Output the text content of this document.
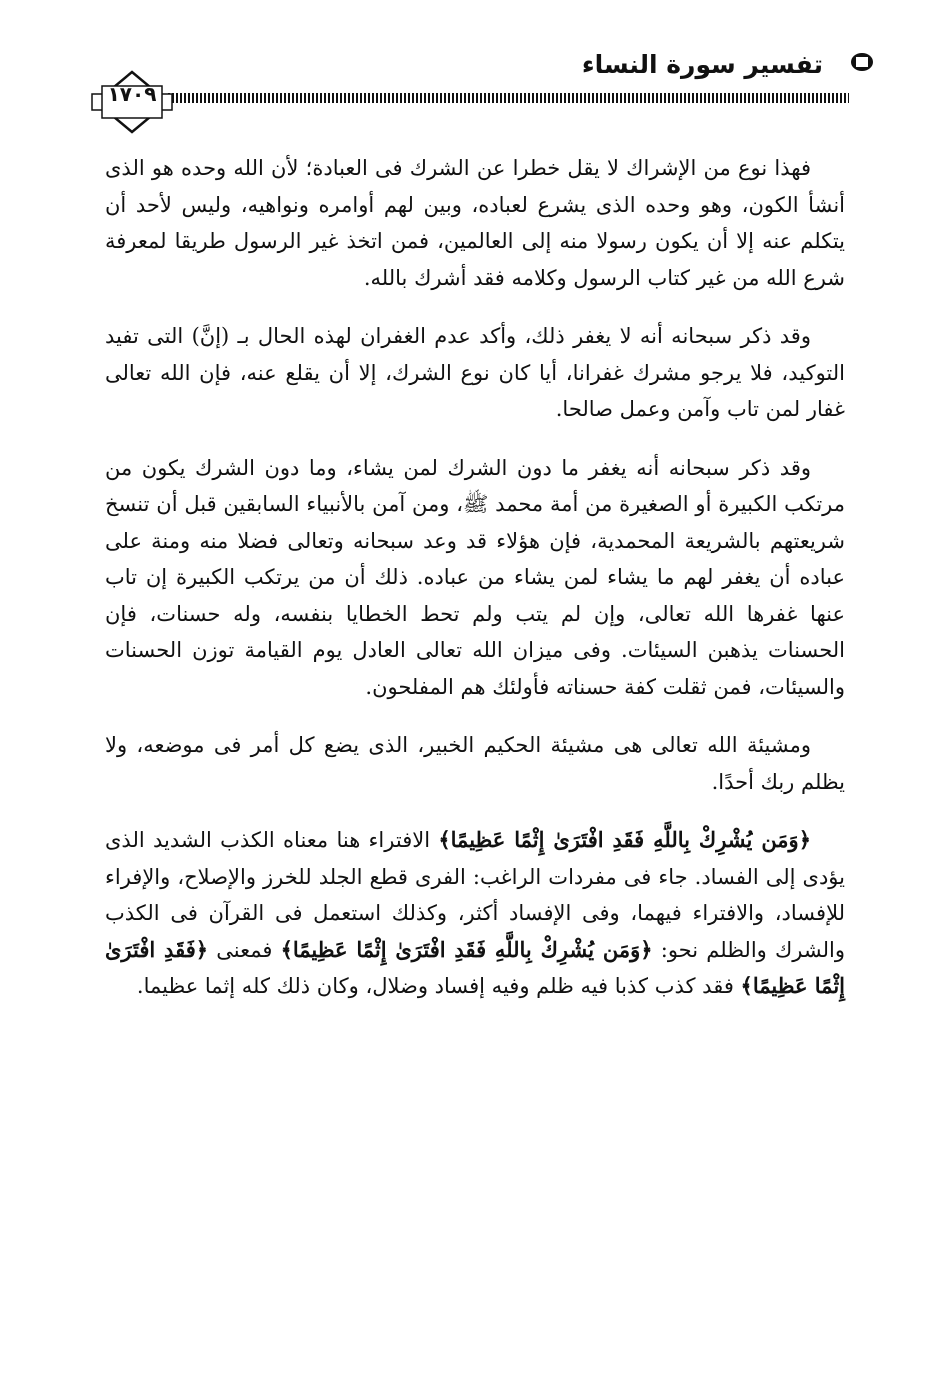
تفسير سورة النساء
١٧٠٩

فهذا نوع من الإشراك لا يقل خطرا عن الشرك فى العبادة؛ لأن الله وحده هو الذى أنشأ الكون، وهو وحده الذى يشرع لعباده، وبين لهم أوامره ونواهيه، وليس لأحد أن يتكلم عنه إلا أن يكون رسولا منه إلى العالمين، فمن اتخذ غير الرسول طريقا لمعرفة شرع الله من غير كتاب الرسول وكلامه فقد أشرك بالله.

وقد ذكر سبحانه أنه لا يغفر ذلك، وأكد عدم الغفران لهذه الحال بـ (إنَّ) التى تفيد التوكيد، فلا يرجو مشرك غفرانا، أيا كان نوع الشرك، إلا أن يقلع عنه، فإن الله تعالى غفار لمن تاب وآمن وعمل صالحا.

وقد ذكر سبحانه أنه يغفر ما دون الشرك لمن يشاء، وما دون الشرك يكون من مرتكب الكبيرة أو الصغيرة من أمة محمد ﷺ، ومن آمن بالأنبياء السابقين قبل أن تنسخ شريعتهم بالشريعة المحمدية، فإن هؤلاء قد وعد سبحانه وتعالى فضلا منه ومنة على عباده أن يغفر لهم ما يشاء لمن يشاء من عباده. ذلك أن من يرتكب الكبيرة إن تاب عنها غفرها الله تعالى، وإن لم يتب ولم تحط الخطايا بنفسه، وله حسنات، فإن الحسنات يذهبن السيئات. وفى ميزان الله تعالى العادل يوم القيامة توزن الحسنات والسيئات، فمن ثقلت كفة حسناته فأولئك هم المفلحون.

ومشيئة الله تعالى هى مشيئة الحكيم الخبير، الذى يضع كل أمر فى موضعه، ولا يظلم ربك أحدًا.

﴿وَمَن يُشْرِكْ بِاللَّهِ فَقَدِ افْتَرَىٰ إِثْمًا عَظِيمًا﴾ الافتراء هنا معناه الكذب الشديد الذى يؤدى إلى الفساد. جاء فى مفردات الراغب: الفرى قطع الجلد للخرز والإصلاح، والإفراء للإفساد، والافتراء فيهما، وفى الإفساد أكثر، وكذلك استعمل فى القرآن فى الكذب والشرك والظلم نحو: ﴿وَمَن يُشْرِكْ بِاللَّهِ فَقَدِ افْتَرَىٰ إِثْمًا عَظِيمًا﴾ فمعنى ﴿فَقَدِ افْتَرَىٰ إِثْمًا عَظِيمًا﴾ فقد كذب كذبا فيه ظلم وفيه إفساد وضلال، وكان ذلك كله إثما عظيما.
